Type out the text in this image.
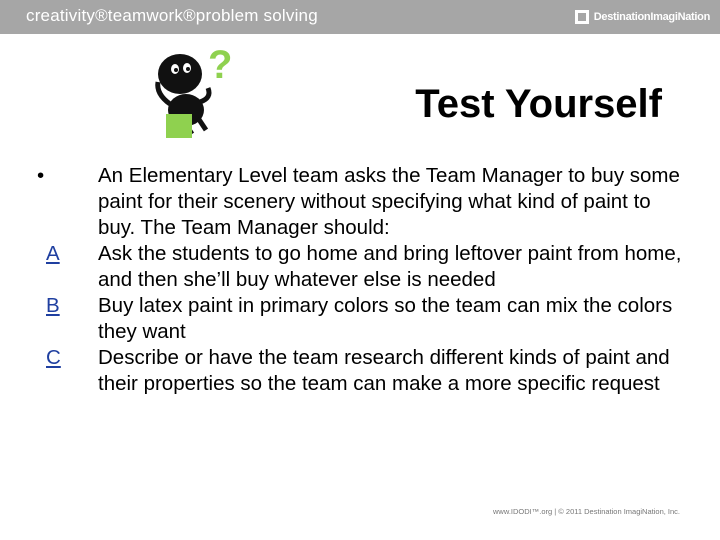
creativity®teamwork®problem solving	DestinationImagiNation
?
Test Yourself
•	An Elementary Level team asks the Team Manager to buy some paint for their scenery without specifying what kind of paint to buy. The Team Manager should:
A Ask the students to go home and bring leftover paint from home, and then she’ll buy whatever else is needed
B Buy latex paint in primary colors so the team can mix the colors they want
C Describe or have the team research different kinds of paint and their properties so the team can make a more specific request
www.IDODI™.org | © 2011 Destination ImagiNation, Inc.
